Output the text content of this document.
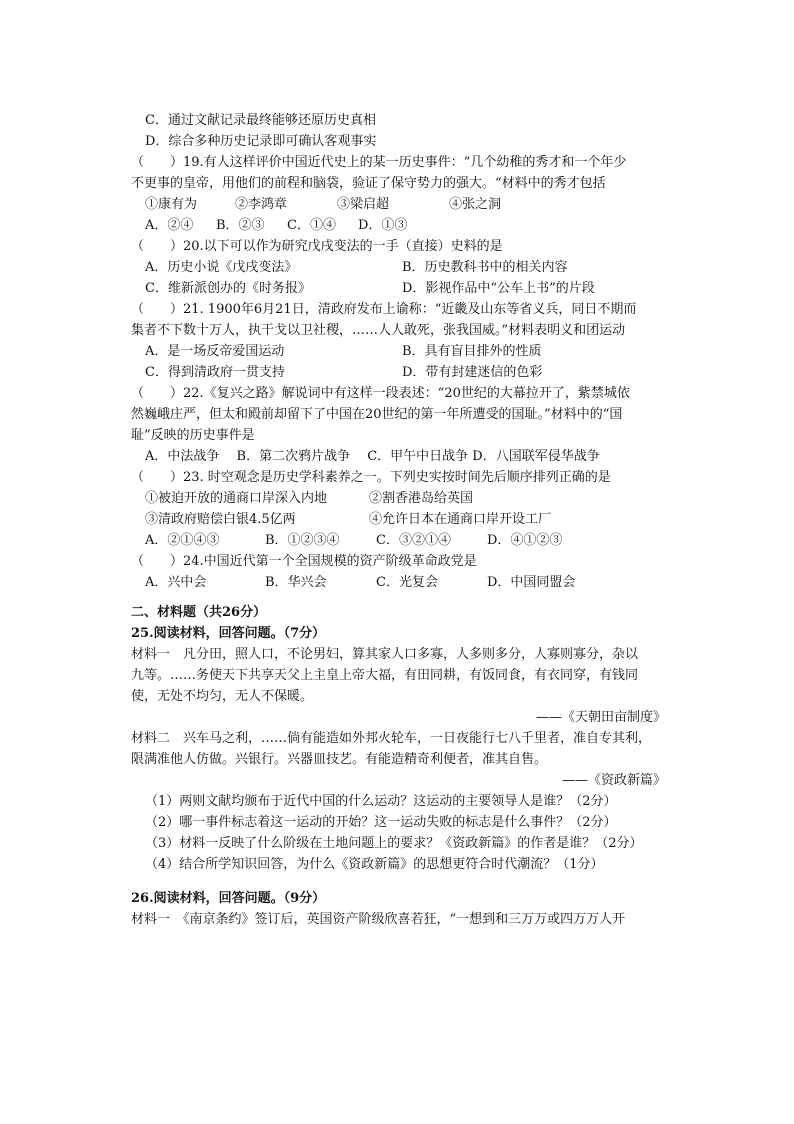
C．通过文献记录最终能够还原历史真相
D．综合多种历史记录即可确认客观事实
（　　）19.有人这样评价中国近代史上的某一历史事件：“几个幼稚的秀才和一个年少
不更事的皇帝，用他们的前程和脑袋，验证了保守势力的强大。“材料中的秀才包括
①康有为	②李鸿章	③梁启超	④张之洞
A．②④ B．②③ C．①④ D．①③
（　　）20.以下可以作为研究戊戌变法的一手（直接）史料的是
A．历史小说《戊戌变法》	B．历史教科书中的相关内容
C．维新派创办的《时务报》	D．影视作品中“公车上书”的片段
（　　）21. 1900年6月21日，清政府发布上谕称：“近畿及山东等省义兵，同日不期而
集者不下数十万人，执干戈以卫社稷，……人人敢死，张我国威。”材料表明义和团运动
A．是一场反帝爱国运动	B．具有盲目排外的性质
C．得到清政府一贯支持	D．带有封建迷信的色彩
（　　）22.《复兴之路》解说词中有这样一段表述：“20世纪的大幕拉开了，紫禁城依
然巍峨庄严，但太和殿前却留下了中国在20世纪的第一年所遭受的国耻。”材料中的“国
耻”反映的历史事件是
A．中法战争　 B．第二次鸦片战争　 C．甲午中日战争 D．八国联军侵华战争
（　　）23. 时空观念是历史学科素养之一。下列史实按时间先后顺序排列正确的是
①被迫开放的通商口岸深入内地	②割香港岛给英国
③清政府赔偿白银4.5亿两	④允许日本在通商口岸开设工厂
A．②①④③	B．①②③④	C．③②①④	D．④①②③
（　　）24.中国近代第一个全国规模的资产阶级革命政党是
A．兴中会	B．华兴会	C．光复会	D．中国同盟会
二、材料题（共26分）
25.阅读材料，回答问题。（7分）
材料一　凡分田，照人口，不论男妇，算其家人口多寡，人多则多分，人寡则寡分，杂以
九等。……务使天下共享天父上主皇上帝大福，有田同耕，有饭同食，有衣同穿，有钱同
使，无处不均匀，无人不保暖。
——《天朝田亩制度》
材料二　兴车马之利，……倘有能造如外邦火轮车，一日夜能行七八千里者，准自专其利，
限满准他人仿做。兴银行。兴器皿技艺。有能造精奇利便者，准其自售。
——《资政新篇》
（1）两则文献均颁布于近代中国的什么运动？这运动的主要领导人是谁？（2分）
（2）哪一事件标志着这一运动的开始？这一运动失败的标志是什么事件？（2分）
（3）材料一反映了什么阶级在土地问题上的要求？《资政新篇》的作者是谁？（2分）
（4）结合所学知识回答，为什么《资政新篇》的思想更符合时代潮流？（1分）
26.阅读材料，回答问题。（9分）
材料一　《南京条约》签订后，英国资产阶级欣喜若狂，“一想到和三万万或四万万人开
